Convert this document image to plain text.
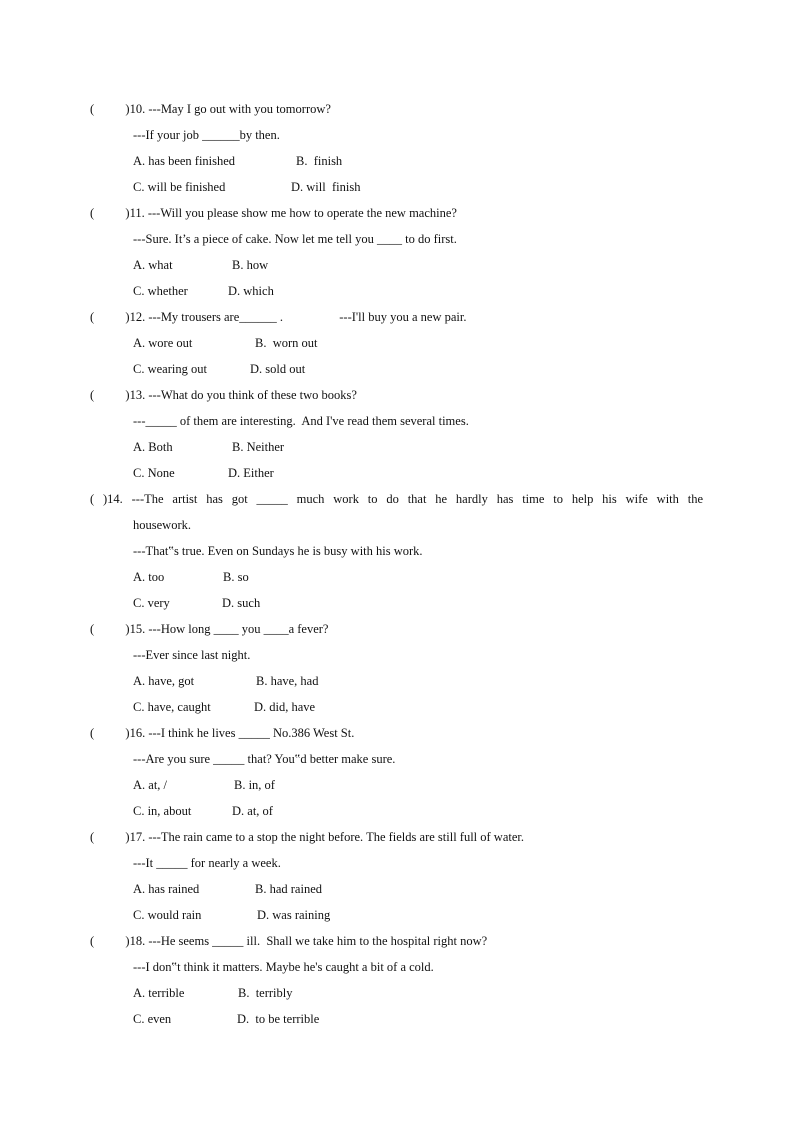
(          )10. ---May I go out with you tomorrow?
---If your job ______by then.
A. has been finished	B.  finish
C. will be finished	D. will  finish
(          )11. ---Will you please show me how to operate the new machine?
---Sure. It’s a piece of cake. Now let me tell you ____ to do first.
A. what	B. how
C. whether	D. which
(          )12. ---My trousers are______ .                  ---I'll buy you a new pair.
A. wore out	B.  worn out
C. wearing out	D. sold out
(          )13. ---What do you think of these two books?
---_____ of them are interesting.  And I've read them several times.
A. Both	B. Neither
C. None	D. Either
( )14. ---The artist has got _____ much work to do that he hardly has time to help his wife with the
housework.
---That‟s true. Even on Sundays he is busy with his work.
A. too	B. so
C. very	D. such
(          )15. ---How long ____ you ____a fever?
---Ever since last night.
A. have, got	B. have, had
C. have, caught	D. did, have
(          )16. ---I think he lives _____ No.386 West St.
---Are you sure _____ that? You‟d better make sure.
A. at, /	B. in, of
C. in, about	D. at, of
(          )17. ---The rain came to a stop the night before. The fields are still full of water.
---It _____ for nearly a week.
A. has rained	B. had rained
C. would rain	D. was raining
(          )18. ---He seems _____ ill.  Shall we take him to the hospital right now?
---I don‟t think it matters. Maybe he's caught a bit of a cold.
A. terrible	B.  terribly
C. even	D.  to be terrible
